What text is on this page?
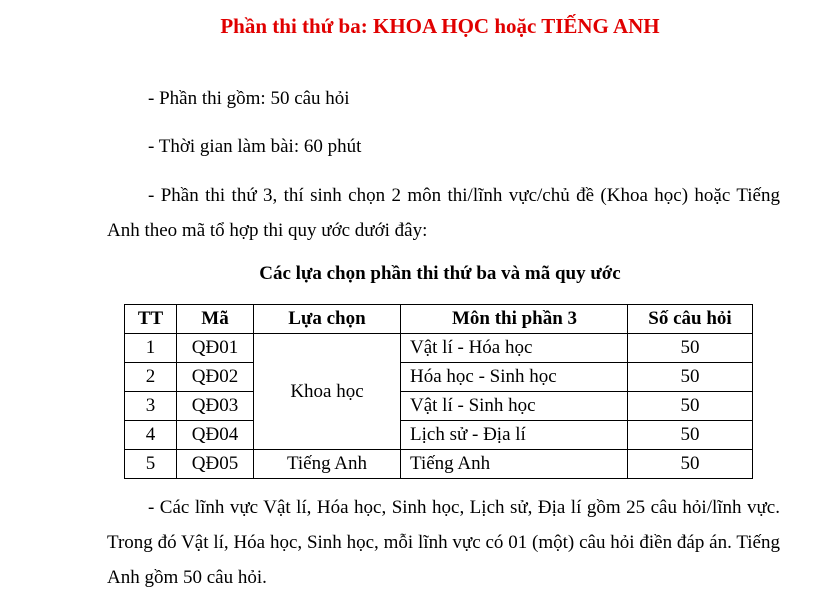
Phần thi thứ ba: KHOA HỌC hoặc TIẾNG ANH
- Phần thi gồm: 50 câu hỏi
- Thời gian làm bài: 60 phút
- Phần thi thứ 3, thí sinh chọn 2 môn thi/lĩnh vực/chủ đề (Khoa học) hoặc Tiếng Anh theo mã tổ hợp thi quy ước dưới đây:
Các lựa chọn phần thi thứ ba và mã quy ước
TT	Mã	Lựa chọn	Môn thi phần 3	Số câu hỏi
1	QĐ01	Khoa học	Vật lí - Hóa học	50
2	QĐ02		Hóa học - Sinh học	50
3	QĐ03		Vật lí - Sinh học	50
4	QĐ04		Lịch sử - Địa lí	50
5	QĐ05	Tiếng Anh	Tiếng Anh	50
- Các lĩnh vực Vật lí, Hóa học, Sinh học, Lịch sử, Địa lí gồm 25 câu hỏi/lĩnh vực. Trong đó Vật lí, Hóa học, Sinh học, mỗi lĩnh vực có 01 (một) câu hỏi điền đáp án. Tiếng Anh gồm 50 câu hỏi.
